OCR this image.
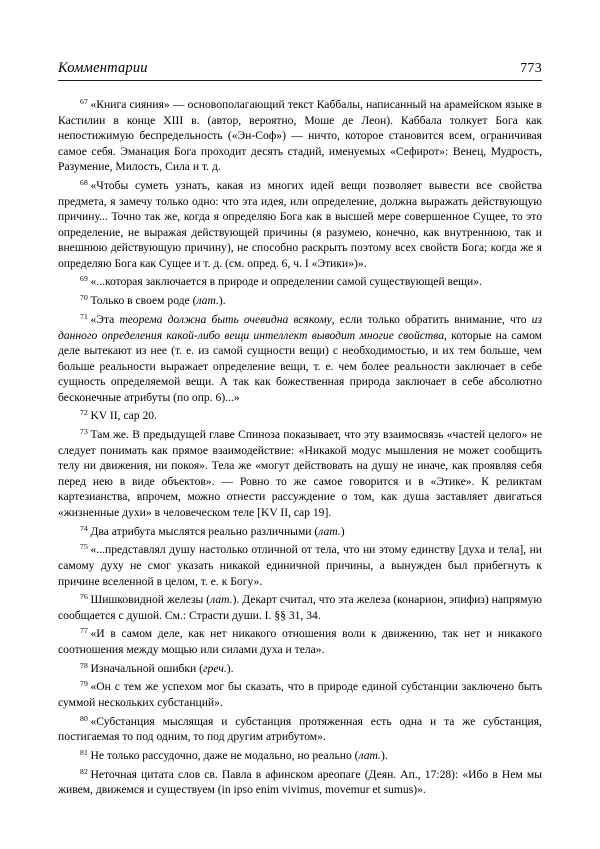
Комментарии	773

$^{67}$ «Книга сияния» — основополагающий текст Каббалы, написанный на арамейском языке в Кастилии в конце XIII в. (автор, вероятно, Моше де Леон). Каббала толкует Бога как непостижимую беспредельность («Эн-Соф») — ничто, которое становится всем, ограничивая самое себя. Эманация Бога проходит десять стадий, именуемых «Сефирот»: Венец, Мудрость, Разумение, Милость, Сила и т. д.

$^{68}$ «Чтобы суметь узнать, какая из многих идей вещи позволяет вывести все свойства предмета, я замечу только одно: что эта идея, или определение, должна выражать действующую причину... Точно так же, когда я определяю Бога как в высшей мере совершенное Сущее, то это определение, не выражая действующей причины (я разумею, конечно, как внутреннюю, так и внешнюю действующую причину), не способно раскрыть поэтому всех свойств Бога; когда же я определяю Бога как Сущее и т. д. (см. опред. 6, ч. I «Этики»)».

$^{69}$ «...которая заключается в природе и определении самой существующей вещи».

$^{70}$ Только в своем роде (лат.).

$^{71}$ «Эта теорема должна быть очевидна всякому, если только обратить внимание, что из данного определения какой-либо вещи интеллект выводит многие свойства, которые на самом деле вытекают из нее (т. е. из самой сущности вещи) с необходимостью, и их тем больше, чем больше реальности выражает определение вещи, т. е. чем более реальности заключает в себе сущность определяемой вещи. А так как божественная природа заключает в себе абсолютно бесконечные атрибуты (по опр. 6)...»

$^{72}$ KV II, cap 20.

$^{73}$ Там же. В предыдущей главе Спиноза показывает, что эту взаимосвязь «частей целого» не следует понимать как прямое взаимодействие: «Никакой модус мышления не может сообщить телу ни движения, ни покоя». Тела же «могут действовать на душу не иначе, как проявляя себя перед нею в виде объектов». — Ровно то же самое говорится и в «Этике». К реликтам картезианства, впрочем, можно отнести рассуждение о том, как душа заставляет двигаться «жизненные духи» в человеческом теле [KV II, cap 19].

$^{74}$ Два атрибута мыслятся реально различными (лат.)

$^{75}$ «...представлял душу настолько отличной от тела, что ни этому единству [духа и тела], ни самому духу не смог указать никакой единичной причины, а вынужден был прибегнуть к причине вселенной в целом, т. е. к Богу».

$^{76}$ Шишковидной железы (лат.). Декарт считал, что эта железа (конарион, эпифиз) напрямую сообщается с душой. См.: Страсти души. I. §§ 31, 34.

$^{77}$ «И в самом деле, как нет никакого отношения воли к движению, так нет и никакого соотношения между мощью или силами духа и тела».

$^{78}$ Изначальной ошибки (греч.).

$^{79}$ «Он с тем же успехом мог бы сказать, что в природе единой субстанции заключено быть суммой нескольких субстанций».

$^{80}$ «Субстанция мыслящая и субстанция протяженная есть одна и та же субстанция, постигаемая то под одним, то под другим атрибутом».

$^{81}$ Не только рассудочно, даже не модально, но реально (лат.).

$^{82}$ Неточная цитата слов св. Павла в афинском ареопаге (Деян. Ап., 17:28): «Ибо в Нем мы живем, движемся и существуем (in ipso enim vivimus, movemur et sumus)».
